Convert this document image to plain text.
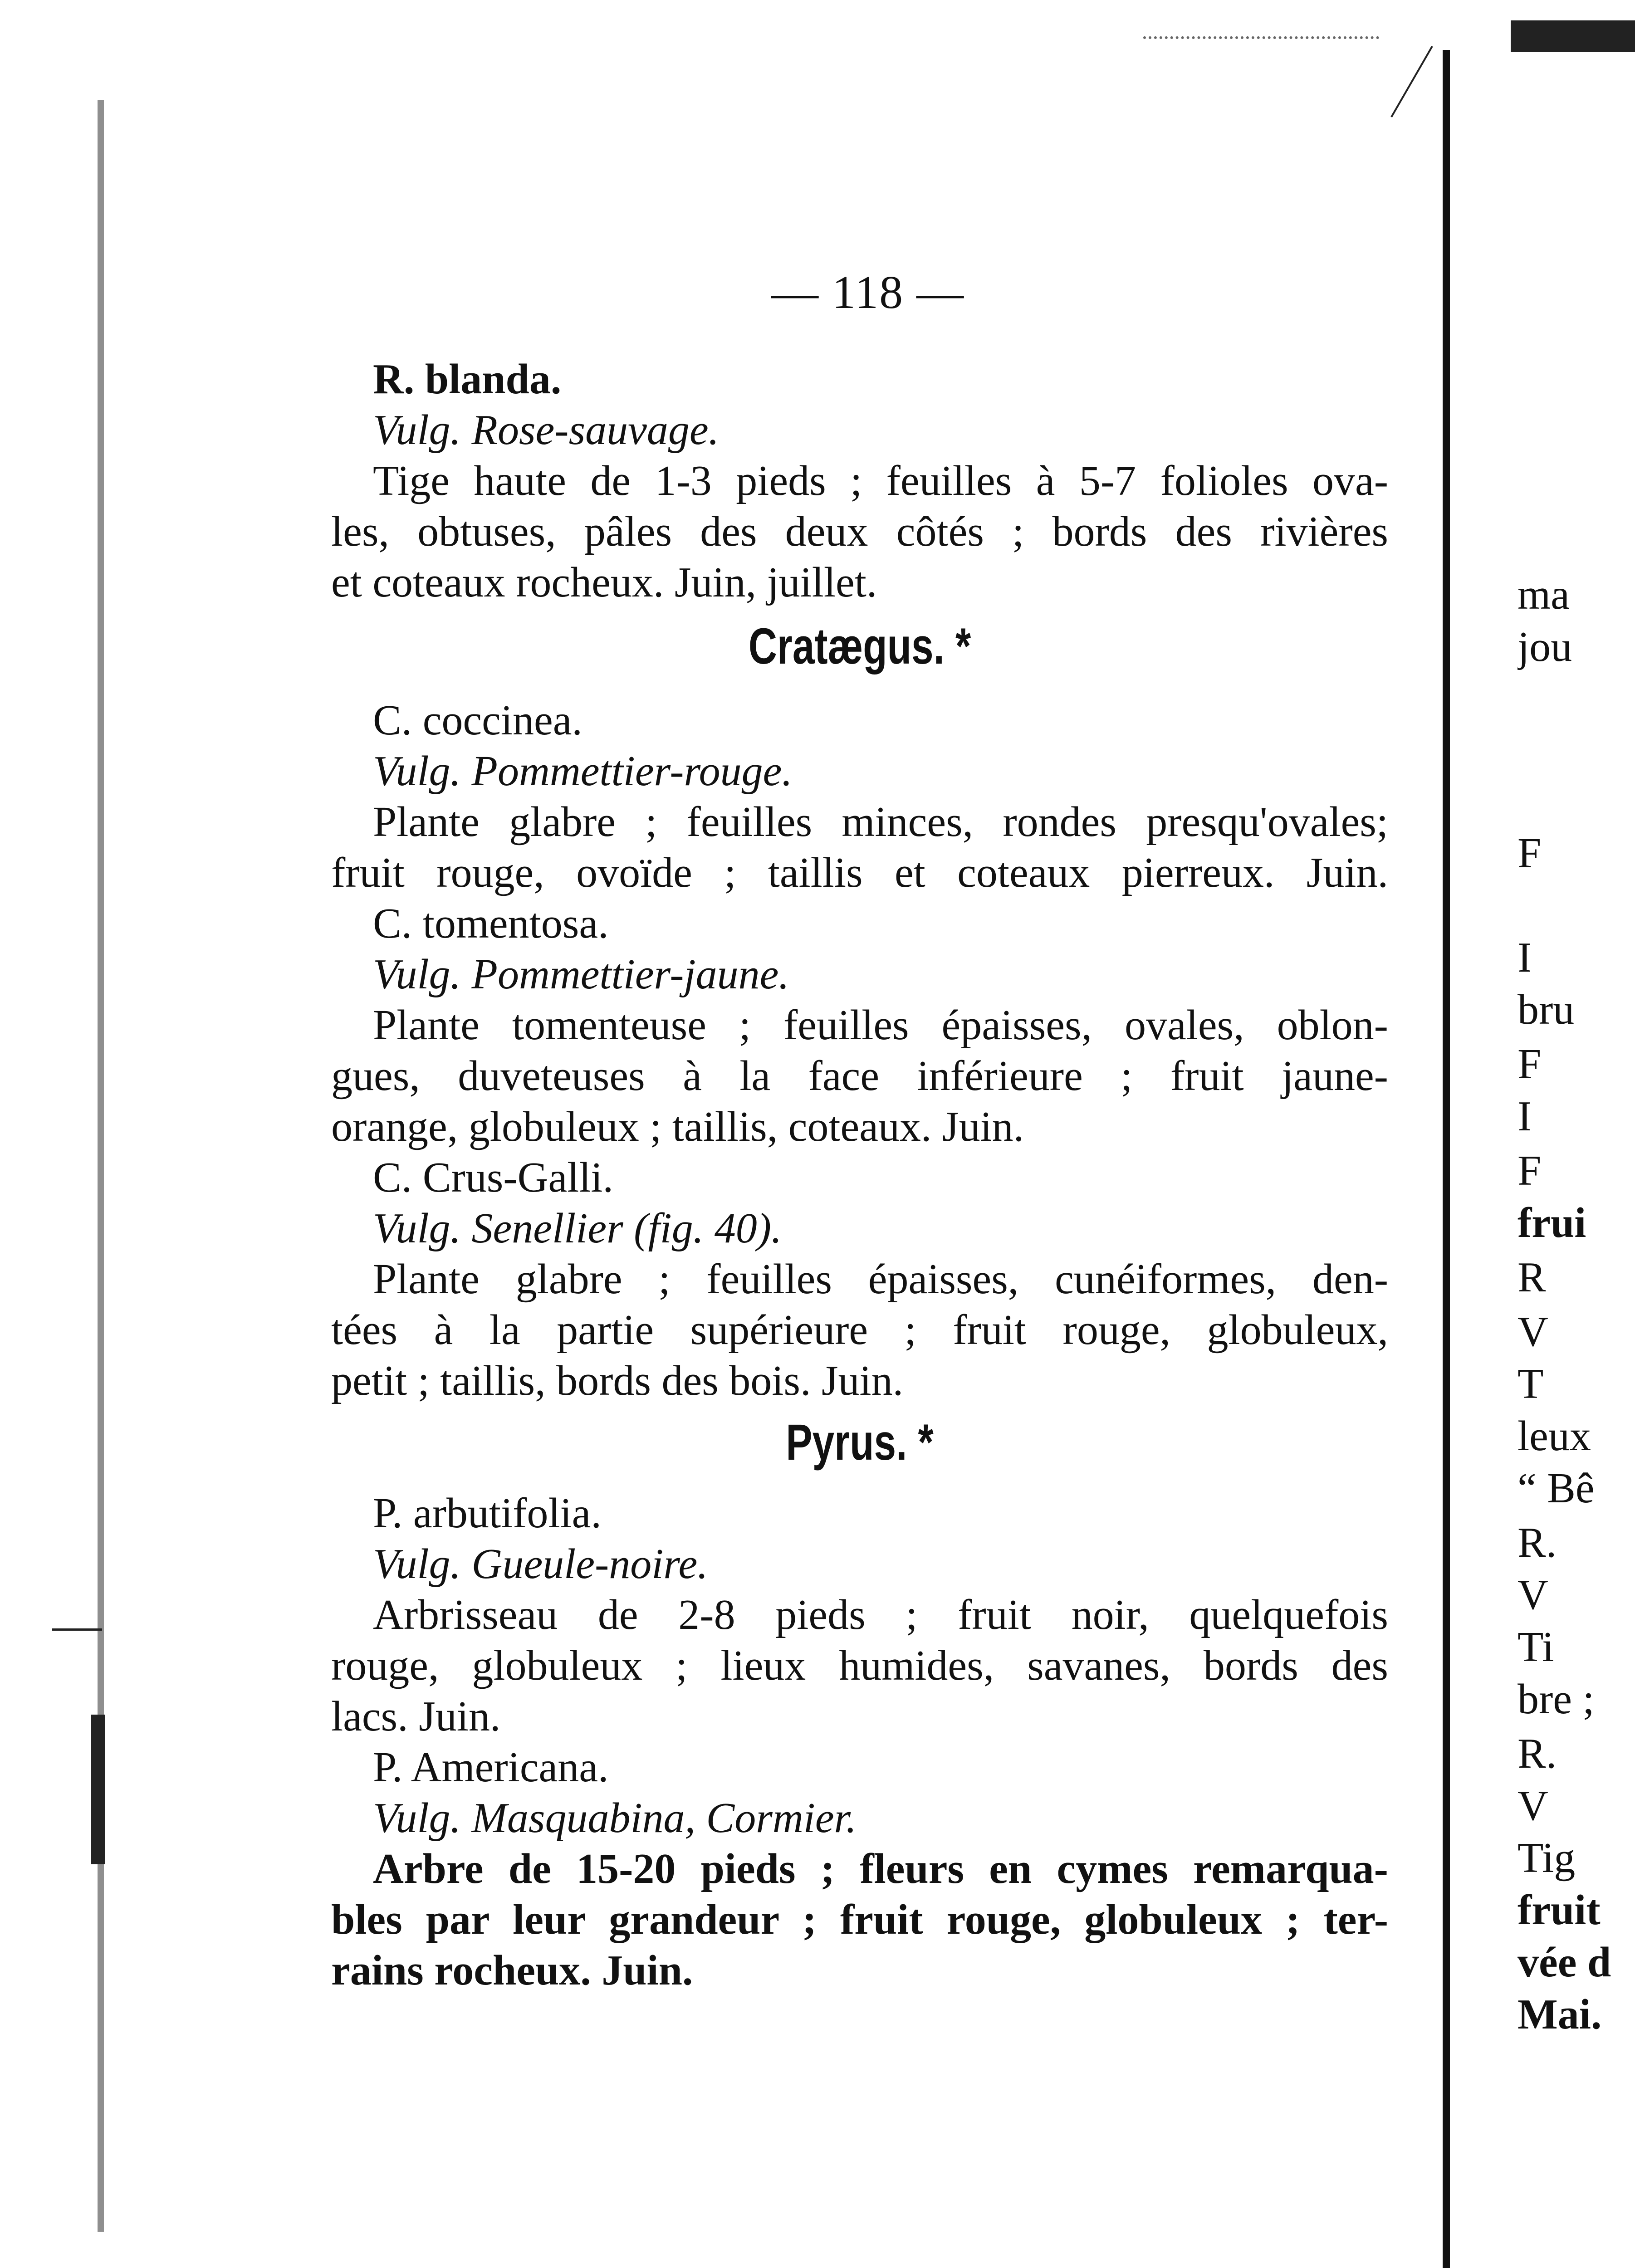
— 118 —
R. blanda.
Vulg. Rose-sauvage.
Tige haute de 1-3 pieds ; feuilles à 5-7 folioles ova-
les, obtuses, pâles des deux côtés ; bords des rivières
et coteaux rocheux. Juin, juillet.
Cratægus. *
C. coccinea.
Vulg. Pommettier-rouge.
Plante glabre ; feuilles minces, rondes presqu'ovales;
fruit rouge, ovoïde ; taillis et coteaux pierreux. Juin.
C. tomentosa.
Vulg. Pommettier-jaune.
Plante tomenteuse ; feuilles épaisses, ovales, oblon-
gues, duveteuses à la face inférieure ; fruit jaune-
orange, globuleux ; taillis, coteaux. Juin.
C. Crus-Galli.
Vulg. Senellier (fig. 40).
Plante glabre ; feuilles épaisses, cunéiformes, den-
tées à la partie supérieure ; fruit rouge, globuleux,
petit ; taillis, bords des bois. Juin.
Pyrus. *
P. arbutifolia.
Vulg. Gueule-noire.
Arbrisseau de 2-8 pieds ; fruit noir, quelquefois
rouge, globuleux ; lieux humides, savanes, bords des
lacs. Juin.
P. Americana.
Vulg. Masquabina, Cormier.
Arbre de 15-20 pieds ; fleurs en cymes remarqua-
bles par leur grandeur ; fruit rouge, globuleux ; ter-
rains rocheux. Juin.
ma
jou
F
I
bru
F
I
F
frui
R
V
T
leux
“ Bê
R.
V
Ti
bre ;
R.
V
Tig
fruit
vée d
Mai.
